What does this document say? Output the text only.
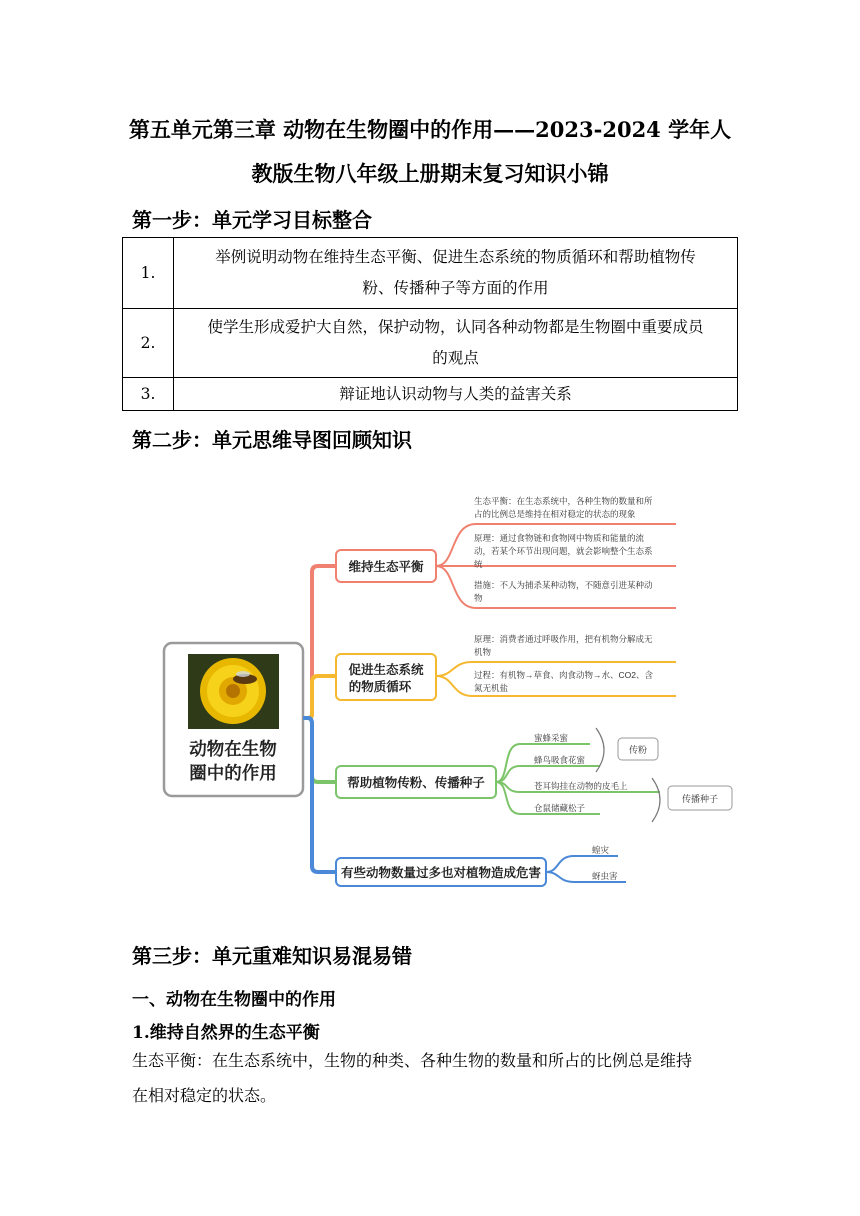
第五单元第三章 动物在生物圈中的作用——2023-2024 学年人
教版生物八年级上册期末复习知识小锦
第一步：单元学习目标整合
1.	举例说明动物在维持生态平衡、促进生态系统的物质循环和帮助植物传
粉、传播种子等方面的作用

2.	使学生形成爱护大自然，保护动物，认同各种动物都是生物圈中重要成员
的观点

3.	辩证地认识动物与人类的益害关系
第二步：单元思维导图回顾知识
动物在生物
圈中的作用
维持生态平衡
生态平衡：在生态系统中，各种生物的数量和所
占的比例总是维持在相对稳定的状态的现象
原理：通过食物链和食物网中物质和能量的流
动，若某个环节出现问题，就会影响整个生态系
统
措施：不人为捕杀某种动物，不随意引进某种动
物
促进生态系统
的物质循环
原理：消费者通过呼吸作用，把有机物分解成无
机物
过程：有机物→草食、肉食动物→水、CO2、含
氮无机盐
帮助植物传粉、传播种子
蜜蜂采蜜
蜂鸟吸食花蜜
苍耳钩挂在动物的皮毛上
仓鼠储藏松子
传粉
传播种子
有些动物数量过多也对植物造成危害
蝗灾
蚜虫害
第三步：单元重难知识易混易错
一、动物在生物圈中的作用
1.维持自然界的生态平衡
生态平衡：在生态系统中，生物的种类、各种生物的数量和所占的比例总是维持
在相对稳定的状态。
